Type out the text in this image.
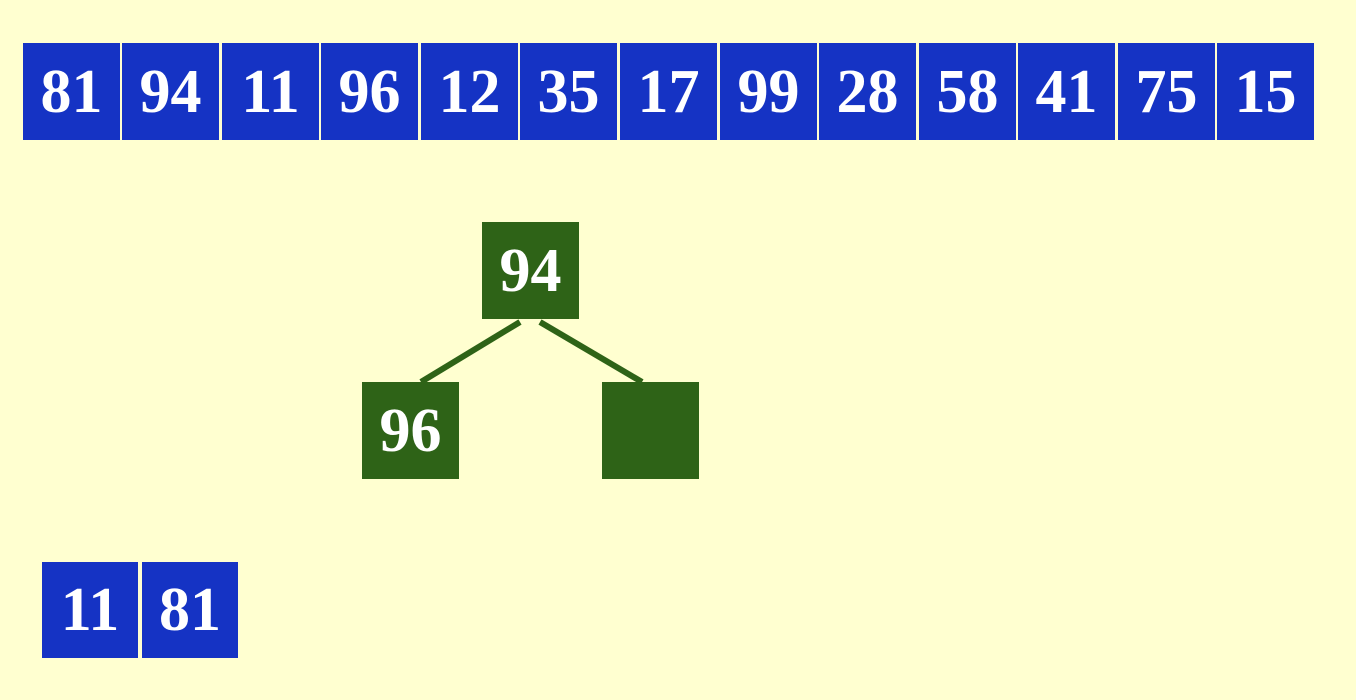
81 94 11 96 12 35 17 99 28 58 41 75 15
94
96
11 81
